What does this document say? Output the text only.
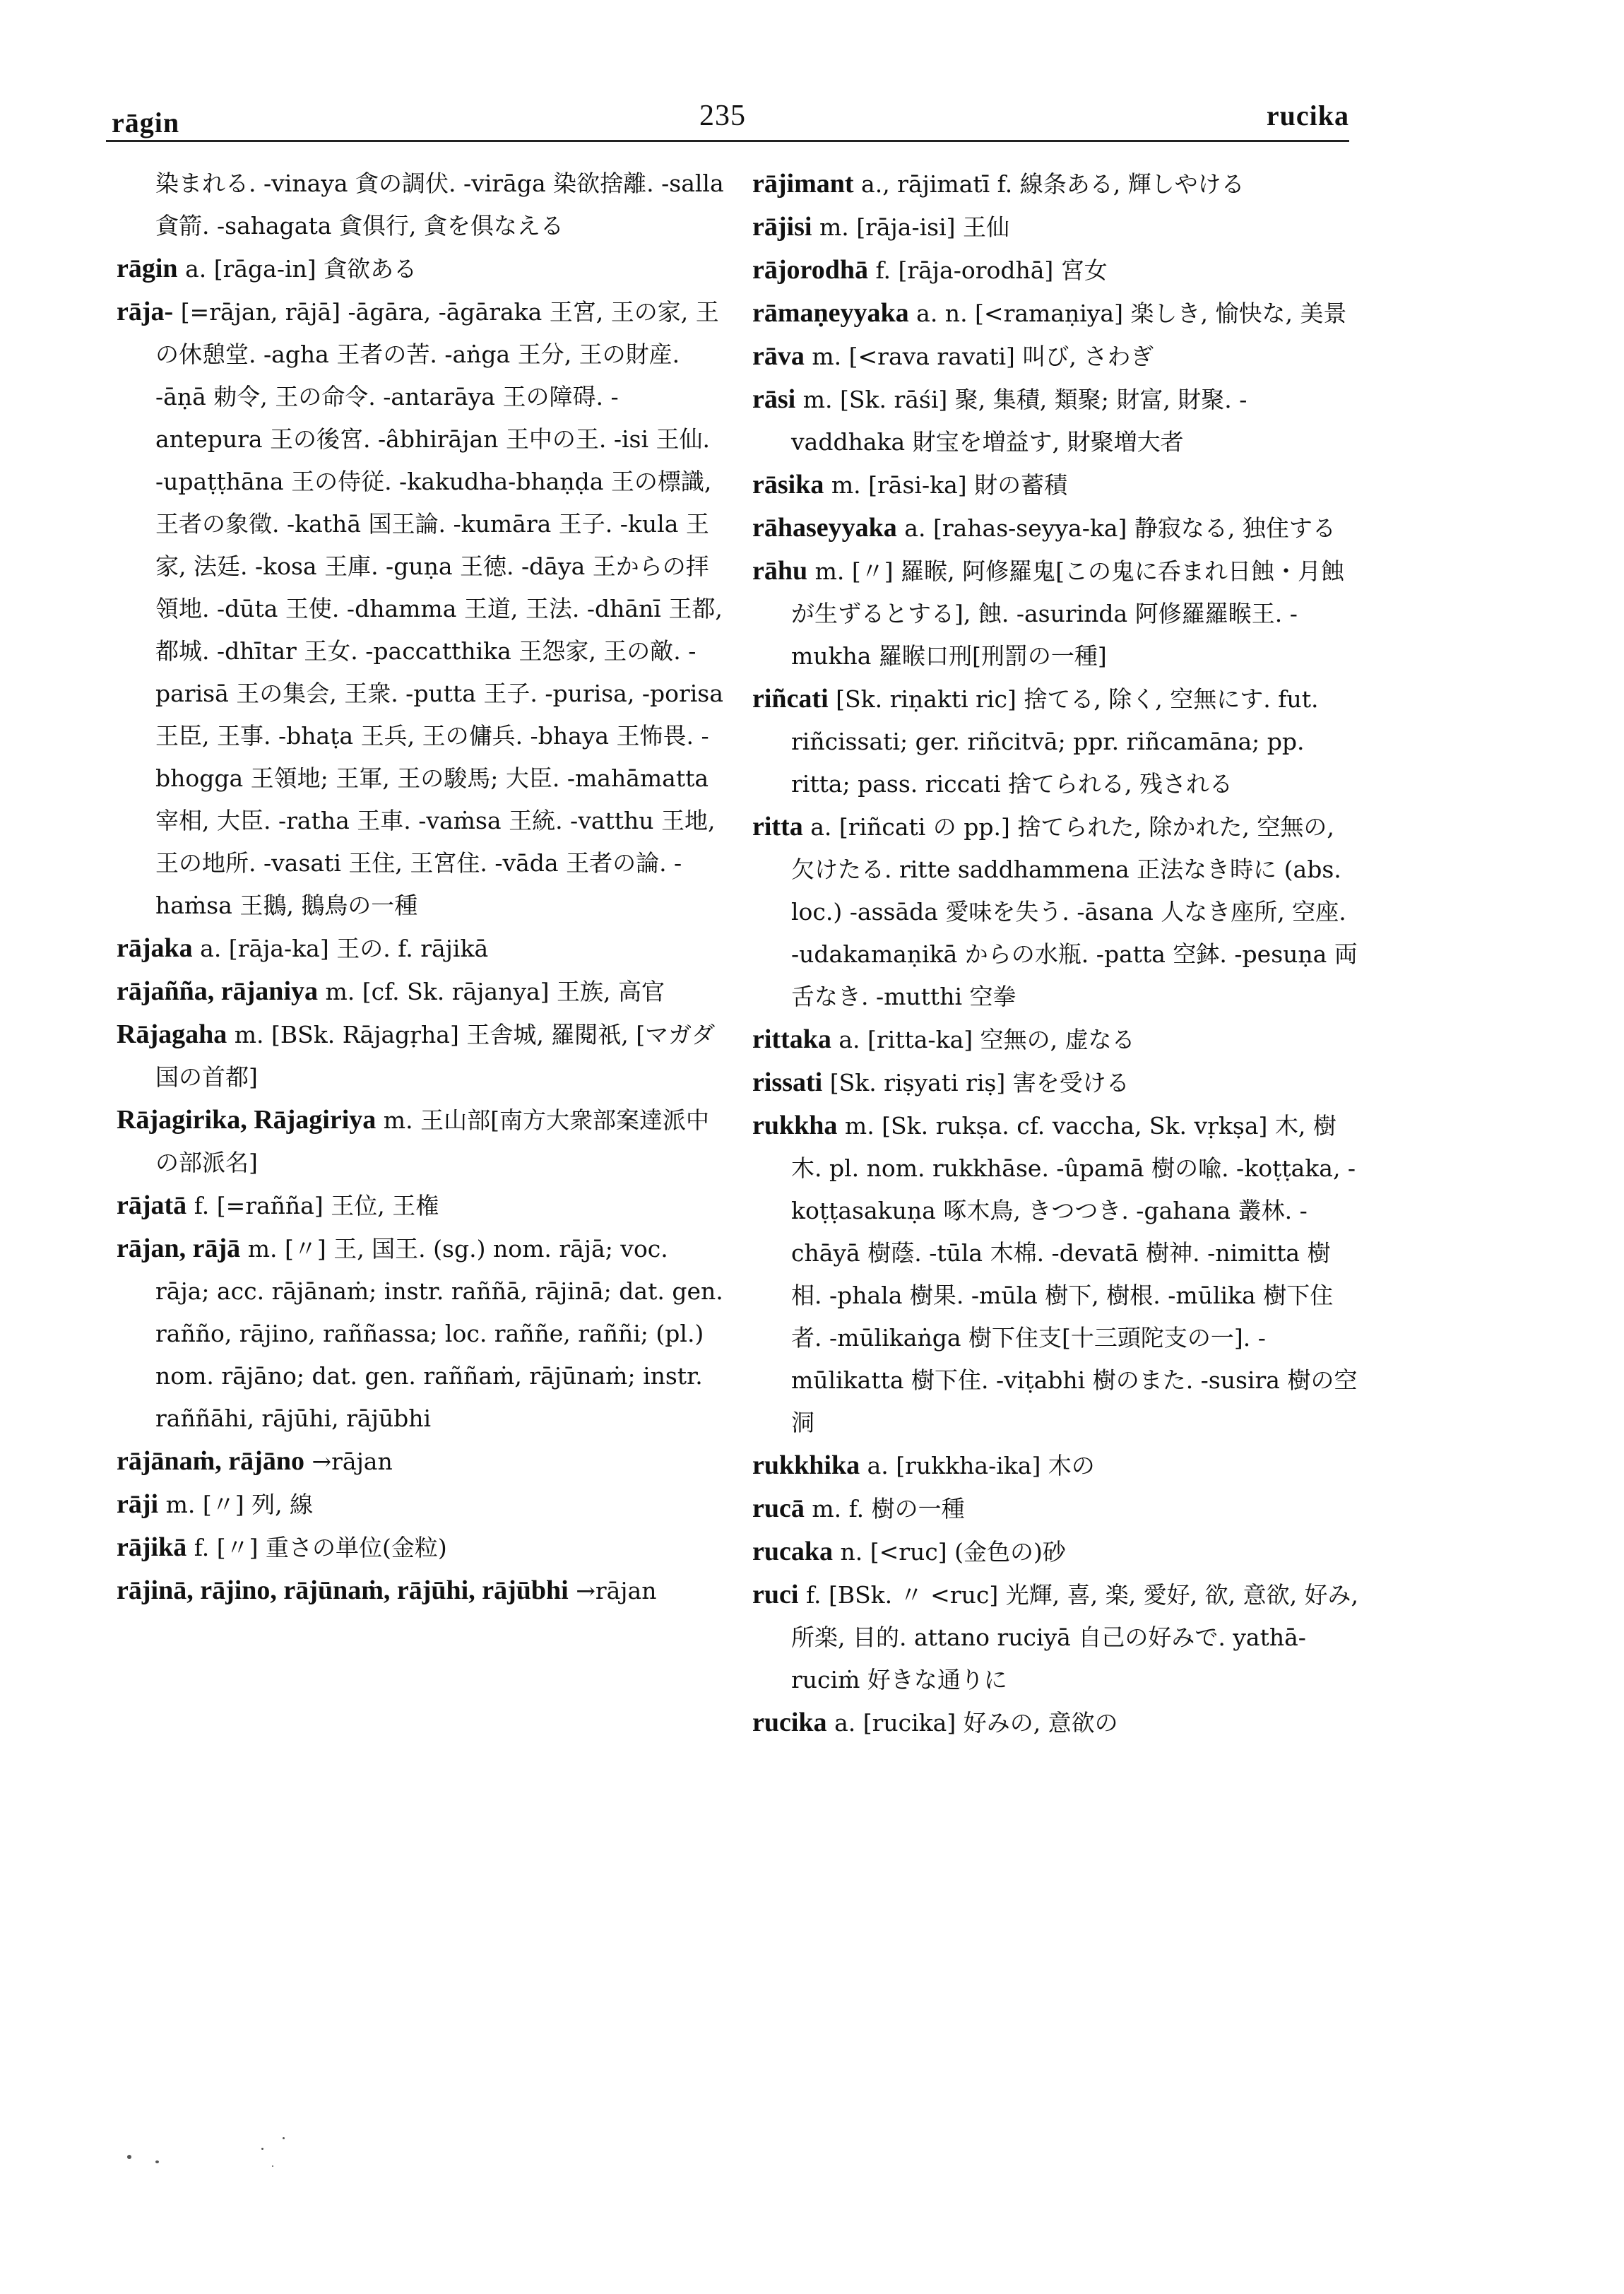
rāgin	235	rucika

染まれる. -vinaya 貪の調伏. -virāga 染欲捨離. -salla 貪箭. -sahagata 貪俱行, 貪を俱なえる

rāgin a. [rāga-in] 貪欲ある

rāja- [=rājan, rājā] -āgāra, -āgāraka 王宮, 王の家, 王の休憩堂. -agha 王者の苦. -aṅga 王分, 王の財産. -āṇā 勅令, 王の命令. -antarāya 王の障碍. -antepura 王の後宮. -âbhirājan 王中の王. -isi 王仙. -upaṭṭhāna 王の侍従. -kakudha-bhaṇḍa 王の標識, 王者の象徵. -kathā 国王論. -kumāra 王子. -kula 王家, 法廷. -kosa 王庫. -guṇa 王徳. -dāya 王からの拝領地. -dūta 王使. -dhamma 王道, 王法. -dhānī 王都, 都城. -dhītar 王女. -paccatthika 王怨家, 王の敵. -parisā 王の集会, 王衆. -putta 王子. -purisa, -porisa 王臣, 王事. -bhaṭa 王兵, 王の傭兵. -bhaya 王怖畏. -bhogga 王領地; 王軍, 王の駿馬; 大臣. -mahāmatta 宰相, 大臣. -ratha 王車. -vaṁsa 王統. -vatthu 王地, 王の地所. -vasati 王住, 王宮住. -vāda 王者の論. -haṁsa 王鵝, 鵝鳥の一種

rājaka a. [rāja-ka] 王の. f. rājikā

rājañña, rājaniya m. [cf. Sk. rājanya] 王族, 高官

Rājagaha m. [BSk. Rājagṛha] 王舎城, 羅閱祇, [マガダ国の首都]

Rājagirika, Rājagiriya m. 王山部[南方大衆部案達派中の部派名]

rājatā f. [=rañña] 王位, 王権

rājan, rājā m. [〃] 王, 国王. (sg.) nom. rājā; voc. rāja; acc. rājānaṁ; instr. raññā, rājinā; dat. gen. rañño, rājino, raññassa; loc. raññe, raññi; (pl.) nom. rājāno; dat. gen. raññaṁ, rājūnaṁ; instr. raññāhi, rājūhi, rājūbhi

rājānaṁ, rājāno →rājan

rāji m. [〃] 列, 線

rājikā f. [〃] 重さの単位(金粒)

rājinā, rājino, rājūnaṁ, rājūhi, rājūbhi →rājan

rājimant a., rājimatī f. 線条ある, 輝しやける

rājisi m. [rāja-isi] 王仙

rājorodhā f. [rāja-orodhā] 宮女

rāmaṇeyyaka a. n. [<ramaṇiya] 楽しき, 愉快な, 美景

rāva m. [<rava ravati] 叫び, さわぎ

rāsi m. [Sk. rāśi] 聚, 集積, 類聚; 財富, 財聚. -vaddhaka 財宝を増益す, 財聚増大者

rāsika m. [rāsi-ka] 財の蓄積

rāhaseyyaka a. [rahas-seyya-ka] 静寂なる, 独住する

rāhu m. [〃] 羅睺, 阿修羅鬼[この鬼に呑まれ日蝕・月蝕が生ずるとする], 蝕. -asurinda 阿修羅羅睺王. -mukha 羅睺口刑[刑罰の一種]

riñcati [Sk. riṇakti ric] 捨てる, 除く, 空無にす. fut. riñcissati; ger. riñcitvā; ppr. riñcamāna; pp. ritta; pass. riccati 捨てられる, 残される

ritta a. [riñcati の pp.] 捨てられた, 除かれた, 空無の, 欠けたる. ritte saddhammena 正法なき時に (abs. loc.) -assāda 愛味を失う. -āsana 人なき座所, 空座. -udakamaṇikā からの水瓶. -patta 空鉢. -pesuṇa 両舌なき. -mutthi 空拳

rittaka a. [ritta-ka] 空無の, 虚なる

rissati [Sk. riṣyati riṣ] 害を受ける

rukkha m. [Sk. rukṣa. cf. vaccha, Sk. vṛkṣa] 木, 樹木. pl. nom. rukkhāse. -ûpamā 樹の喩. -koṭṭaka, -koṭṭasakuṇa 啄木鳥, きつつき. -gahana 叢林. -chāyā 樹蔭. -tūla 木棉. -devatā 樹神. -nimitta 樹相. -phala 樹果. -mūla 樹下, 樹根. -mūlika 樹下住者. -mūlikaṅga 樹下住支[十三頭陀支の一]. -mūlikatta 樹下住. -viṭabhi 樹のまた. -susira 樹の空洞

rukkhika a. [rukkha-ika] 木の

rucā m. f. 樹の一種

rucaka n. [<ruc] (金色の)砂

ruci f. [BSk. 〃 <ruc] 光輝, 喜, 楽, 愛好, 欲, 意欲, 好み, 所楽, 目的. attano ruciyā 自己の好みで. yathā-ruciṁ 好きな通りに

rucika a. [rucika] 好みの, 意欲の
